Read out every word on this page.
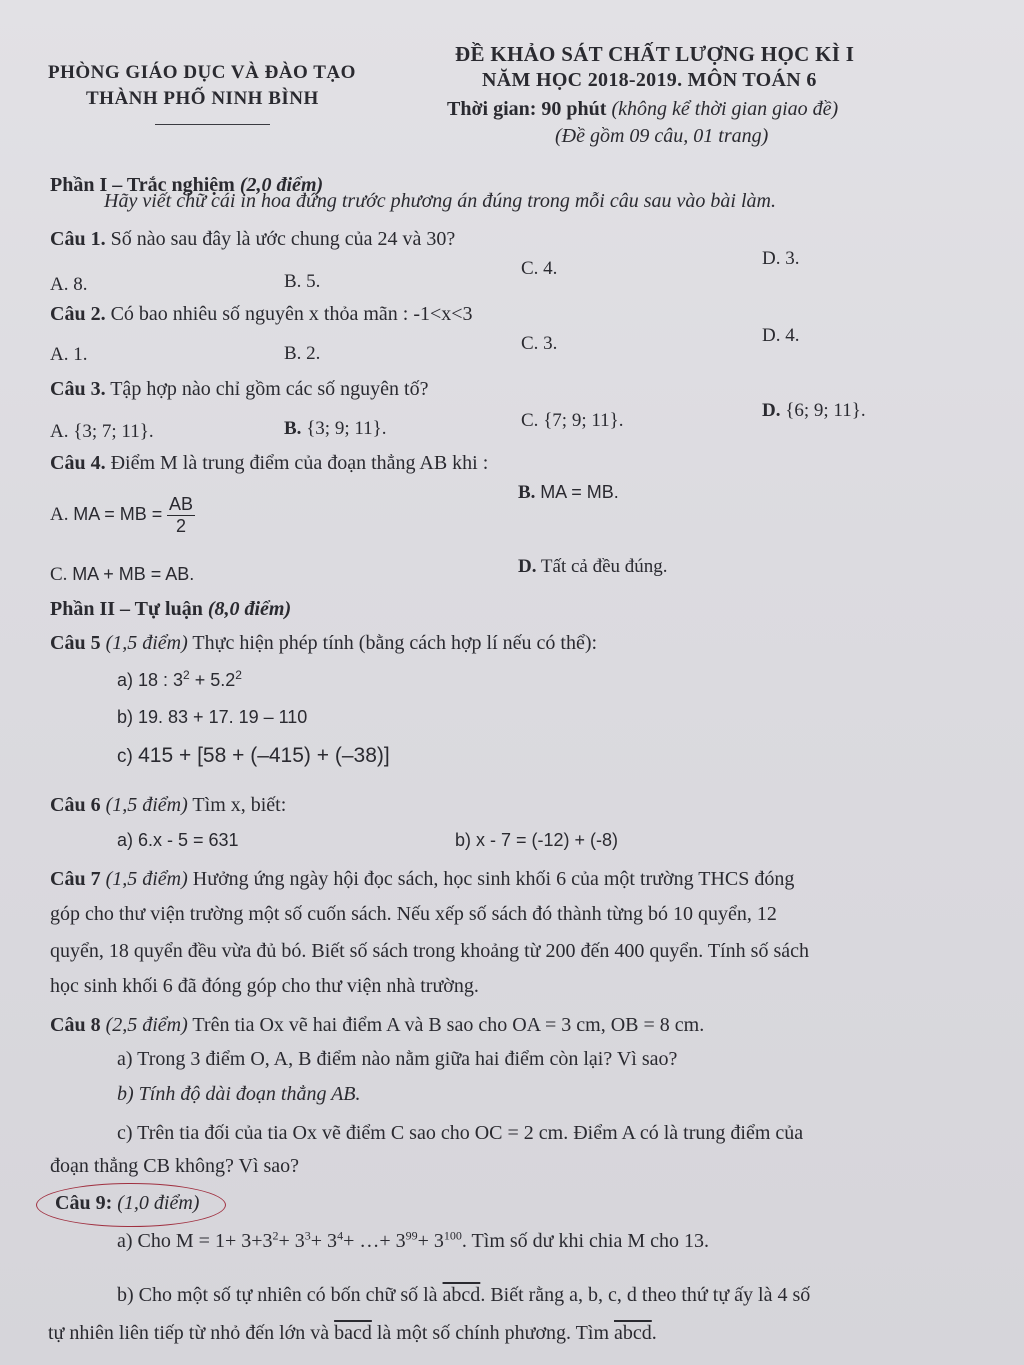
PHÒNG GIÁO DỤC VÀ ĐÀO TẠO
THÀNH PHỐ NINH BÌNH
ĐỀ KHẢO SÁT CHẤT LƯỢNG HỌC KÌ I
NĂM HỌC 2018-2019. MÔN TOÁN 6
Thời gian: 90 phút (không kể thời gian giao đề)
(Đề gồm 09 câu, 01 trang)
Phần I – Trắc nghiệm (2,0 điểm)
Hãy viết chữ cái in hoa đứng trước phương án đúng trong mỗi câu sau vào bài làm.
Câu 1. Số nào sau đây là ước chung của 24 và 30?
A. 8.	B. 5.
C. 4.	D. 3.
Câu 2. Có bao nhiêu số nguyên x thỏa mãn : -1<x<3
A. 1.	B. 2.	C. 3.	D. 4.
Câu 3. Tập hợp nào chỉ gồm các số nguyên tố?
A. {3; 7; 11}.	B. {3; 9; 11}.	C. {7; 9; 11}.	D. {6; 9; 11}.
Câu 4. Điểm M là trung điểm của đoạn thẳng AB khi :
A. MA = MB = $\frac{AB}{2}$
B. MA = MB.
C. MA + MB = AB.	D. Tất cả đều đúng.
Phần II – Tự luận (8,0 điểm)
Câu 5 (1,5 điểm) Thực hiện phép tính (bằng cách hợp lí nếu có thể):
a) 18 : $3^2 + 5.2^2$
b) 19. 83 + 17. 19 – 110
c) 415 + [58 + (–415) + (–38)]
Câu 6 (1,5 điểm) Tìm x, biết:
a) 6.x - 5 = 631	b) x - 7 = (-12) + (-8)
Câu 7 (1,5 điểm) Hưởng ứng ngày hội đọc sách, học sinh khối 6 của một trường THCS đóng
góp cho thư viện trường một số cuốn sách. Nếu xếp số sách đó thành từng bó 10 quyển, 12
quyển, 18 quyển đều vừa đủ bó. Biết số sách trong khoảng từ 200 đến 400 quyển. Tính số sách
học sinh khối 6 đã đóng góp cho thư viện nhà trường.
Câu 8 (2,5 điểm) Trên tia Ox vẽ hai điểm A và B sao cho OA = 3 cm, OB = 8 cm.
a) Trong 3 điểm O, A, B điểm nào nằm giữa hai điểm còn lại? Vì sao?
b) Tính độ dài đoạn thẳng AB.
c) Trên tia đối của tia Ox vẽ điểm C sao cho OC = 2 cm. Điểm A có là trung điểm của
đoạn thẳng CB không? Vì sao?
Câu 9: (1,0 điểm)
a) Cho $M = 1+ 3+3^2+ 3^3+ 3^4+$ …+ $3^{99}+ 3^{100}$. Tìm số dư khi chia M cho 13.
b) Cho một số tự nhiên có bốn chữ số là abcd. Biết rằng a, b, c, d theo thứ tự ấy là 4 số
tự nhiên liên tiếp từ nhỏ đến lớn và bacd là một số chính phương. Tìm abcd.
